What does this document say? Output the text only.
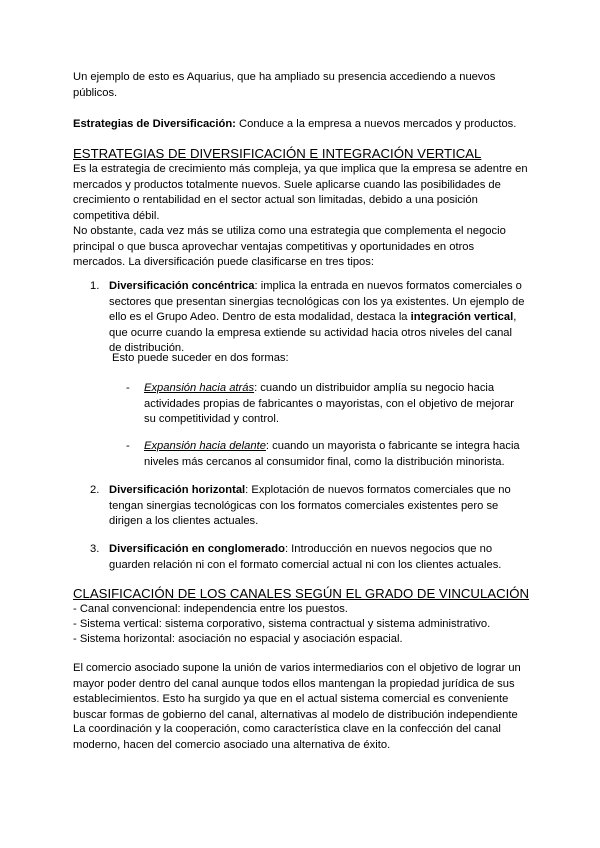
Un ejemplo de esto es Aquarius, que ha ampliado su presencia accediendo a nuevos públicos.

Estrategias de Diversificación: Conduce a la empresa a nuevos mercados y productos.

ESTRATEGIAS DE DIVERSIFICACIÓN E INTEGRACIÓN VERTICAL

Es la estrategia de crecimiento más compleja, ya que implica que la empresa se adentre en mercados y productos totalmente nuevos. Suele aplicarse cuando las posibilidades de crecimiento o rentabilidad en el sector actual son limitadas, debido a una posición competitiva débil.

No obstante, cada vez más se utiliza como una estrategia que complementa el negocio principal o que busca aprovechar ventajas competitivas y oportunidades en otros mercados. La diversificación puede clasificarse en tres tipos:

1. Diversificación concéntrica: implica la entrada en nuevos formatos comerciales o sectores que presentan sinergias tecnológicas con los ya existentes. Un ejemplo de ello es el Grupo Adeo. Dentro de esta modalidad, destaca la integración vertical, que ocurre cuando la empresa extiende su actividad hacia otros niveles del canal de distribución.

Esto puede suceder en dos formas:

- Expansión hacia atrás: cuando un distribuidor amplía su negocio hacia actividades propias de fabricantes o mayoristas, con el objetivo de mejorar su competitividad y control.

- Expansión hacia delante: cuando un mayorista o fabricante se integra hacia niveles más cercanos al consumidor final, como la distribución minorista.

2. Diversificación horizontal: Explotación de nuevos formatos comerciales que no tengan sinergias tecnológicas con los formatos comerciales existentes pero se dirigen a los clientes actuales.

3. Diversificación en conglomerado: Introducción en nuevos negocios que no guarden relación ni con el formato comercial actual ni con los clientes actuales.

CLASIFICACIÓN DE LOS CANALES SEGÚN EL GRADO DE VINCULACIÓN

- Canal convencional: independencia entre los puestos.

- Sistema vertical: sistema corporativo, sistema contractual y sistema administrativo.

- Sistema horizontal: asociación no espacial y asociación espacial.

El comercio asociado supone la unión de varios intermediarios con el objetivo de lograr un mayor poder dentro del canal aunque todos ellos mantengan la propiedad jurídica de sus establecimientos. Esto ha surgido ya que en el actual sistema comercial es conveniente buscar formas de gobierno del canal, alternativas al modelo de distribución independiente

La coordinación y la cooperación, como característica clave en la confección del canal moderno, hacen del comercio asociado una alternativa de éxito.
